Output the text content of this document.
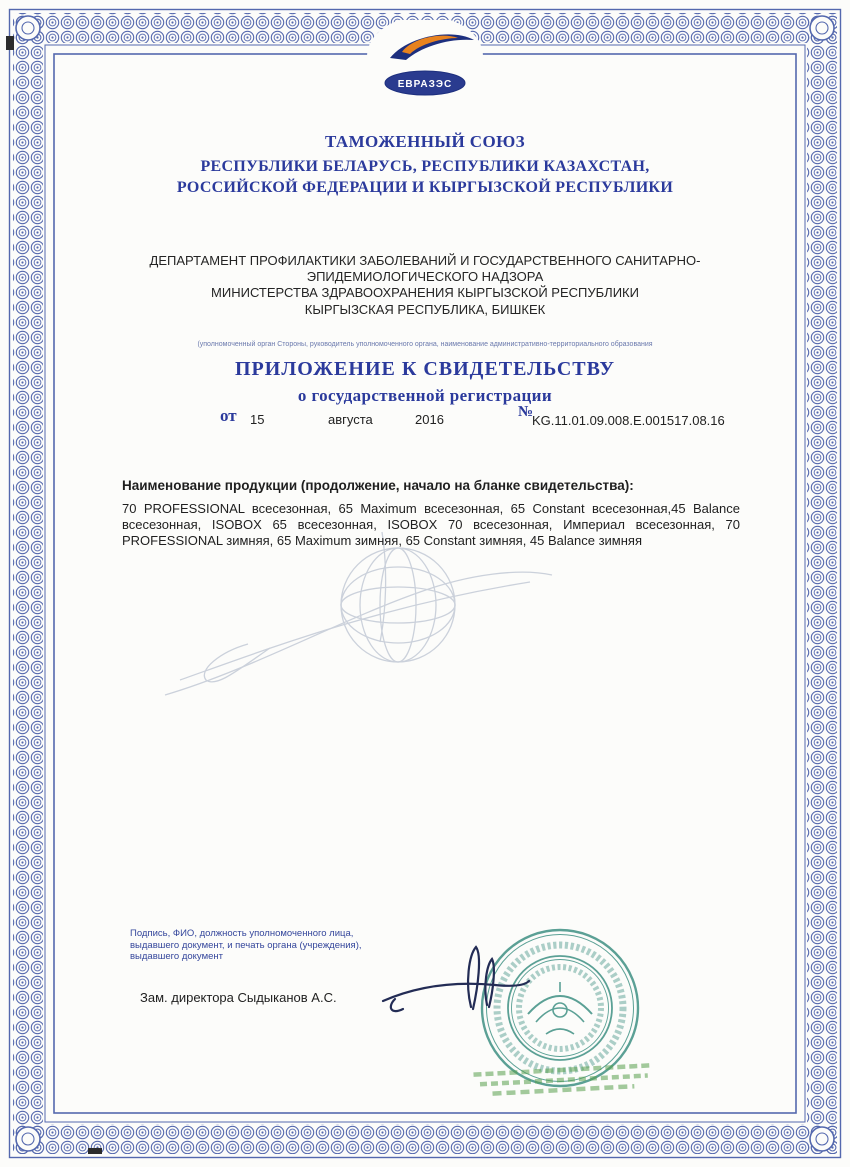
ЕВРАЗЭС
ТАМОЖЕННЫЙ СОЮЗ
РЕСПУБЛИКИ БЕЛАРУСЬ, РЕСПУБЛИКИ КАЗАХСТАН,
РОССИЙСКОЙ ФЕДЕРАЦИИ И КЫРГЫЗСКОЙ РЕСПУБЛИКИ
ДЕПАРТАМЕНТ ПРОФИЛАКТИКИ ЗАБОЛЕВАНИЙ И ГОСУДАРСТВЕННОГО САНИТАРНО-
ЭПИДЕМИОЛОГИЧЕСКОГО НАДЗОРА
МИНИСТЕРСТВА ЗДРАВООХРАНЕНИЯ КЫРГЫЗСКОЙ РЕСПУБЛИКИ
КЫРГЫЗСКАЯ РЕСПУБЛИКА, БИШКЕК
(уполномоченный орган Стороны, руководитель уполномоченного органа, наименование административно-территориального образования
ПРИЛОЖЕНИЕ К СВИДЕТЕЛЬСТВУ
о государственной регистрации
от 15	августа	2016	№
KG.11.01.09.008.E.001517.08.16
Наименование продукции (продолжение, начало на бланке свидетельства):
70 PROFESSIONAL всесезонная, 65 Maximum всесезонная, 65 Constant всесезонная,45 Balance всесезонная, ISOBOX 65 всесезонная, ISOBOX 70 всесезонная, Империал всесезонная, 70 PROFESSIONAL зимняя, 65 Maximum зимняя, 65 Constant зимняя, 45 Balance зимняя
Подпись, ФИО, должность уполномоченного лица,
выдавшего документ, и печать органа (учреждения),
выдавшего документ
Зам. директора Сыдыканов А.С.
